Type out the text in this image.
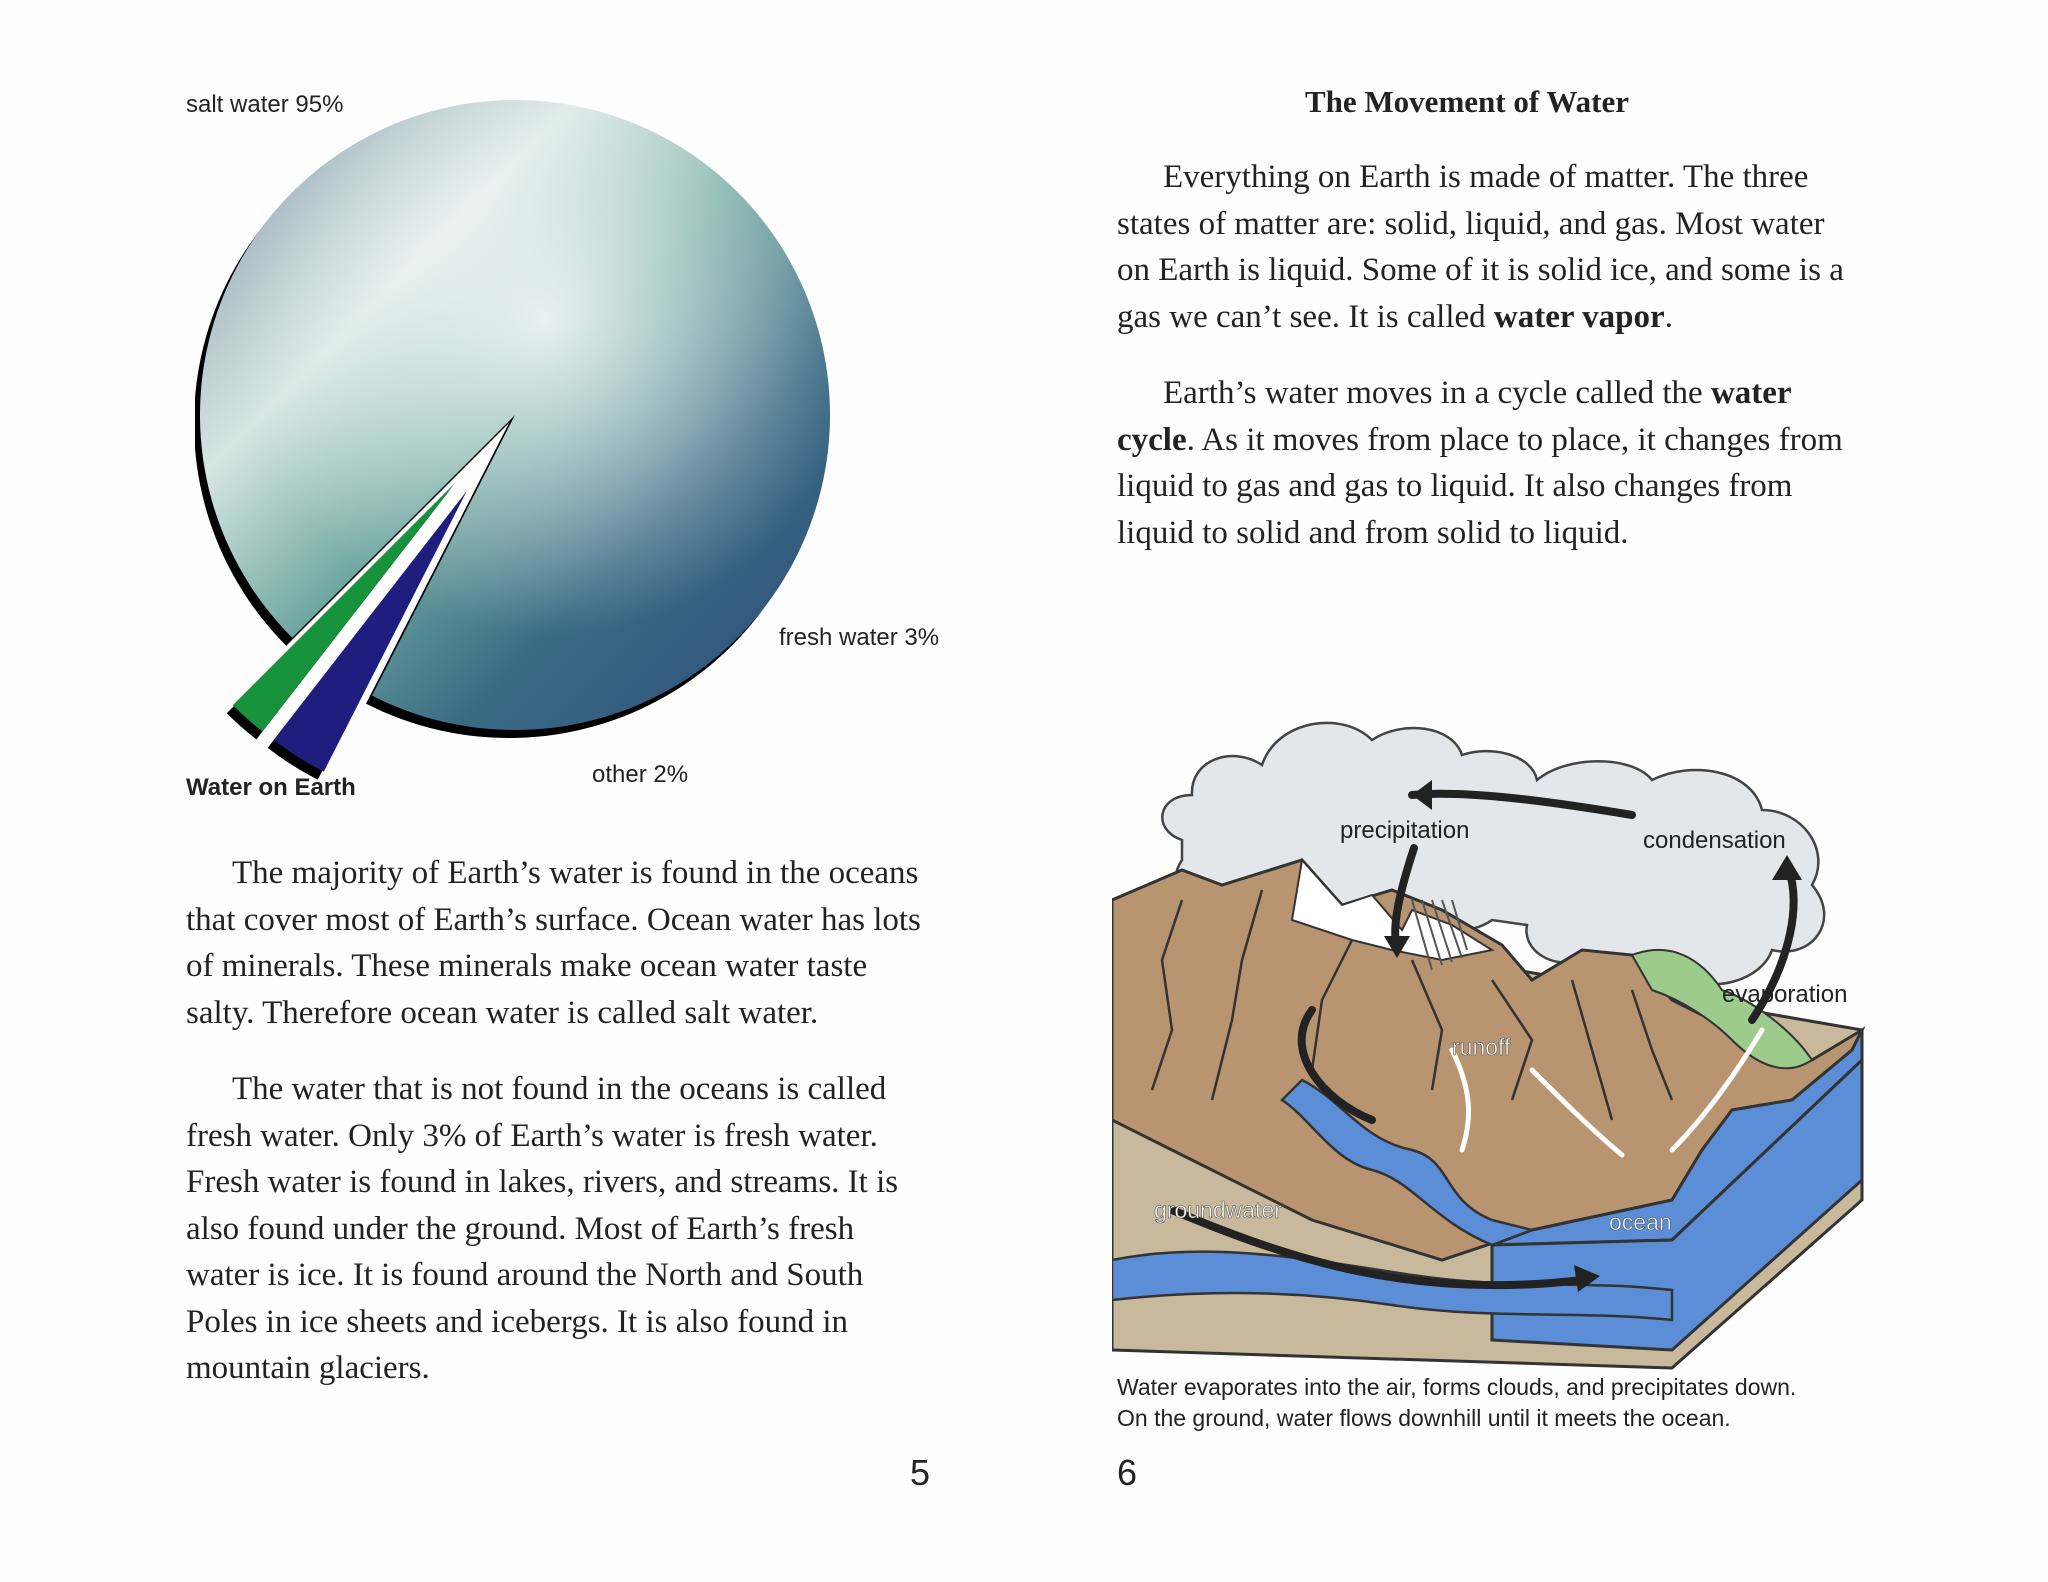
salt water 95%
fresh water 3%
other 2%
Water on Earth

The majority of Earth’s water is found in the oceans that cover most of Earth’s surface. Ocean water has lots of minerals. These minerals make ocean water taste salty. Therefore ocean water is called salt water.

The water that is not found in the oceans is called fresh water. Only 3% of Earth’s water is fresh water. Fresh water is found in lakes, rivers, and streams. It is also found under the ground. Most of Earth’s fresh water is ice. It is found around the North and South Poles in ice sheets and icebergs. It is also found in mountain glaciers.

5
The Movement of Water

Everything on Earth is made of matter. The three states of matter are: solid, liquid, and gas. Most water on Earth is liquid. Some of it is solid ice, and some is a gas we can’t see. It is called water vapor.

Earth’s water moves in a cycle called the water cycle. As it moves from place to place, it changes from liquid to gas and gas to liquid. It also changes from liquid to solid and from solid to liquid.

precipitation	condensation
evaporation
runoff
groundwater	ocean
Water evaporates into the air, forms clouds, and precipitates down.
On the ground, water flows downhill until it meets the ocean.
6
